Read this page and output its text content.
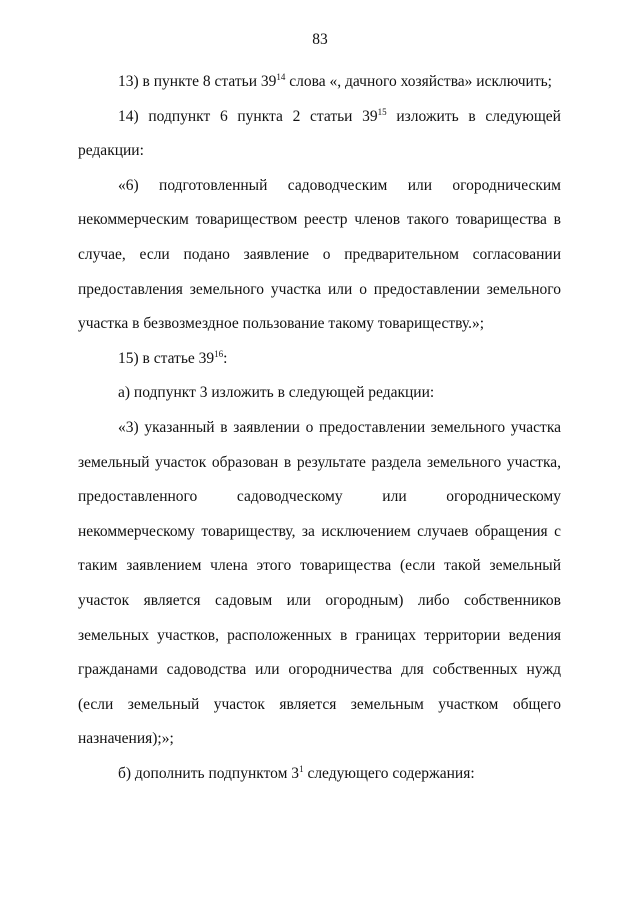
83

13) в пункте 8 статьи $39^{14}$ слова «, дачного хозяйства» исключить;

14) подпункт 6 пункта 2 статьи $39^{15}$ изложить в следующей редакции:

«6) подготовленный садоводческим или огородническим некоммерческим товариществом реестр членов такого товарищества в случае, если подано заявление о предварительном согласовании предоставления земельного участка или о предоставлении земельного участка в безвозмездное пользование такому товариществу.»;

15) в статье $39^{16}$:

а) подпункт 3 изложить в следующей редакции:

«3) указанный в заявлении о предоставлении земельного участка земельный участок образован в результате раздела земельного участка, предоставленного садоводческому или огородническому некоммерческому товариществу, за исключением случаев обращения с таким заявлением члена этого товарищества (если такой земельный участок является садовым или огородным) либо собственников земельных участков, расположенных в границах территории ведения гражданами садоводства или огородничества для собственных нужд (если земельный участок является земельным участком общего назначения);»;

б) дополнить подпунктом $3^1$ следующего содержания:
